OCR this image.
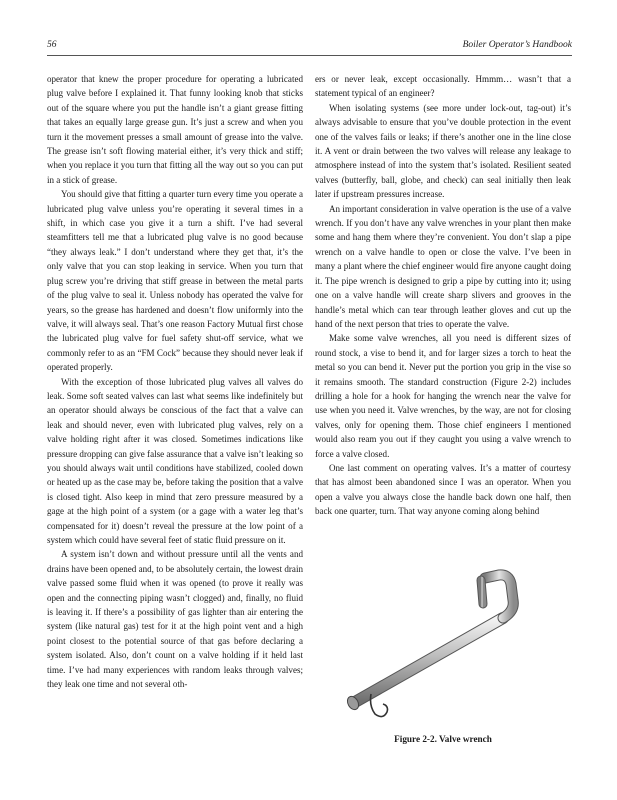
56	Boiler Operator’s Handbook

operator that knew the proper procedure for operating a lubricated plug valve before I explained it. That funny looking knob that sticks out of the square where you put the handle isn’t a giant grease fitting that takes an equally large grease gun. It’s just a screw and when you turn it the movement presses a small amount of grease into the valve. The grease isn’t soft flowing material either, it’s very thick and stiff; when you replace it you turn that fitting all the way out so you can put in a stick of grease.

You should give that fitting a quarter turn every time you operate a lubricated plug valve unless you’re operating it several times in a shift, in which case you give it a turn a shift. I’ve had several steamfitters tell me that a lubricated plug valve is no good because “they always leak.” I don’t understand where they get that, it’s the only valve that you can stop leaking in service. When you turn that plug screw you’re driving that stiff grease in between the metal parts of the plug valve to seal it. Unless nobody has operated the valve for years, so the grease has hardened and doesn’t flow uniformly into the valve, it will always seal. That’s one reason Factory Mutual first chose the lubricated plug valve for fuel safety shut-off service, what we commonly refer to as an “FM Cock” because they should never leak if operated properly.

With the exception of those lubricated plug valves all valves do leak. Some soft seated valves can last what seems like indefinitely but an operator should always be conscious of the fact that a valve can leak and should never, even with lubricated plug valves, rely on a valve holding right after it was closed. Sometimes indications like pressure dropping can give false assurance that a valve isn’t leaking so you should always wait until conditions have stabilized, cooled down or heated up as the case may be, before taking the position that a valve is closed tight. Also keep in mind that zero pressure measured by a gage at the high point of a system (or a gage with a water leg that’s compensated for it) doesn’t reveal the pressure at the low point of a system which could have several feet of static fluid pressure on it.

A system isn’t down and without pressure until all the vents and drains have been opened and, to be absolutely certain, the lowest drain valve passed some fluid when it was opened (to prove it really was open and the connecting piping wasn’t clogged) and, finally, no fluid is leaving it. If there’s a possibility of gas lighter than air entering the system (like natural gas) test for it at the high point vent and a high point closest to the potential source of that gas before declaring a system isolated. Also, don’t count on a valve holding if it held last time. I’ve had many experiences with random leaks through valves; they leak one time and not several oth-

ers or never leak, except occasionally. Hmmm… wasn’t that a statement typical of an engineer?

When isolating systems (see more under lock-out, tag-out) it’s always advisable to ensure that you’ve double protection in the event one of the valves fails or leaks; if there’s another one in the line close it. A vent or drain between the two valves will release any leakage to atmosphere instead of into the system that’s isolated. Resilient seated valves (butterfly, ball, globe, and check) can seal initially then leak later if upstream pressures increase.

An important consideration in valve operation is the use of a valve wrench. If you don’t have any valve wrenches in your plant then make some and hang them where they’re convenient. You don’t slap a pipe wrench on a valve handle to open or close the valve. I’ve been in many a plant where the chief engineer would fire anyone caught doing it. The pipe wrench is designed to grip a pipe by cutting into it; using one on a valve handle will create sharp slivers and grooves in the handle’s metal which can tear through leather gloves and cut up the hand of the next person that tries to operate the valve.

Make some valve wrenches, all you need is different sizes of round stock, a vise to bend it, and for larger sizes a torch to heat the metal so you can bend it. Never put the portion you grip in the vise so it remains smooth. The standard construction (Figure 2-2) includes drilling a hole for a hook for hanging the wrench near the valve for use when you need it. Valve wrenches, by the way, are not for closing valves, only for opening them. Those chief engineers I mentioned would also ream you out if they caught you using a valve wrench to force a valve closed.

One last comment on operating valves. It’s a matter of courtesy that has almost been abandoned since I was an operator. When you open a valve you always close the handle back down one half, then back one quarter, turn. That way anyone coming along behind

Figure 2-2. Valve wrench
